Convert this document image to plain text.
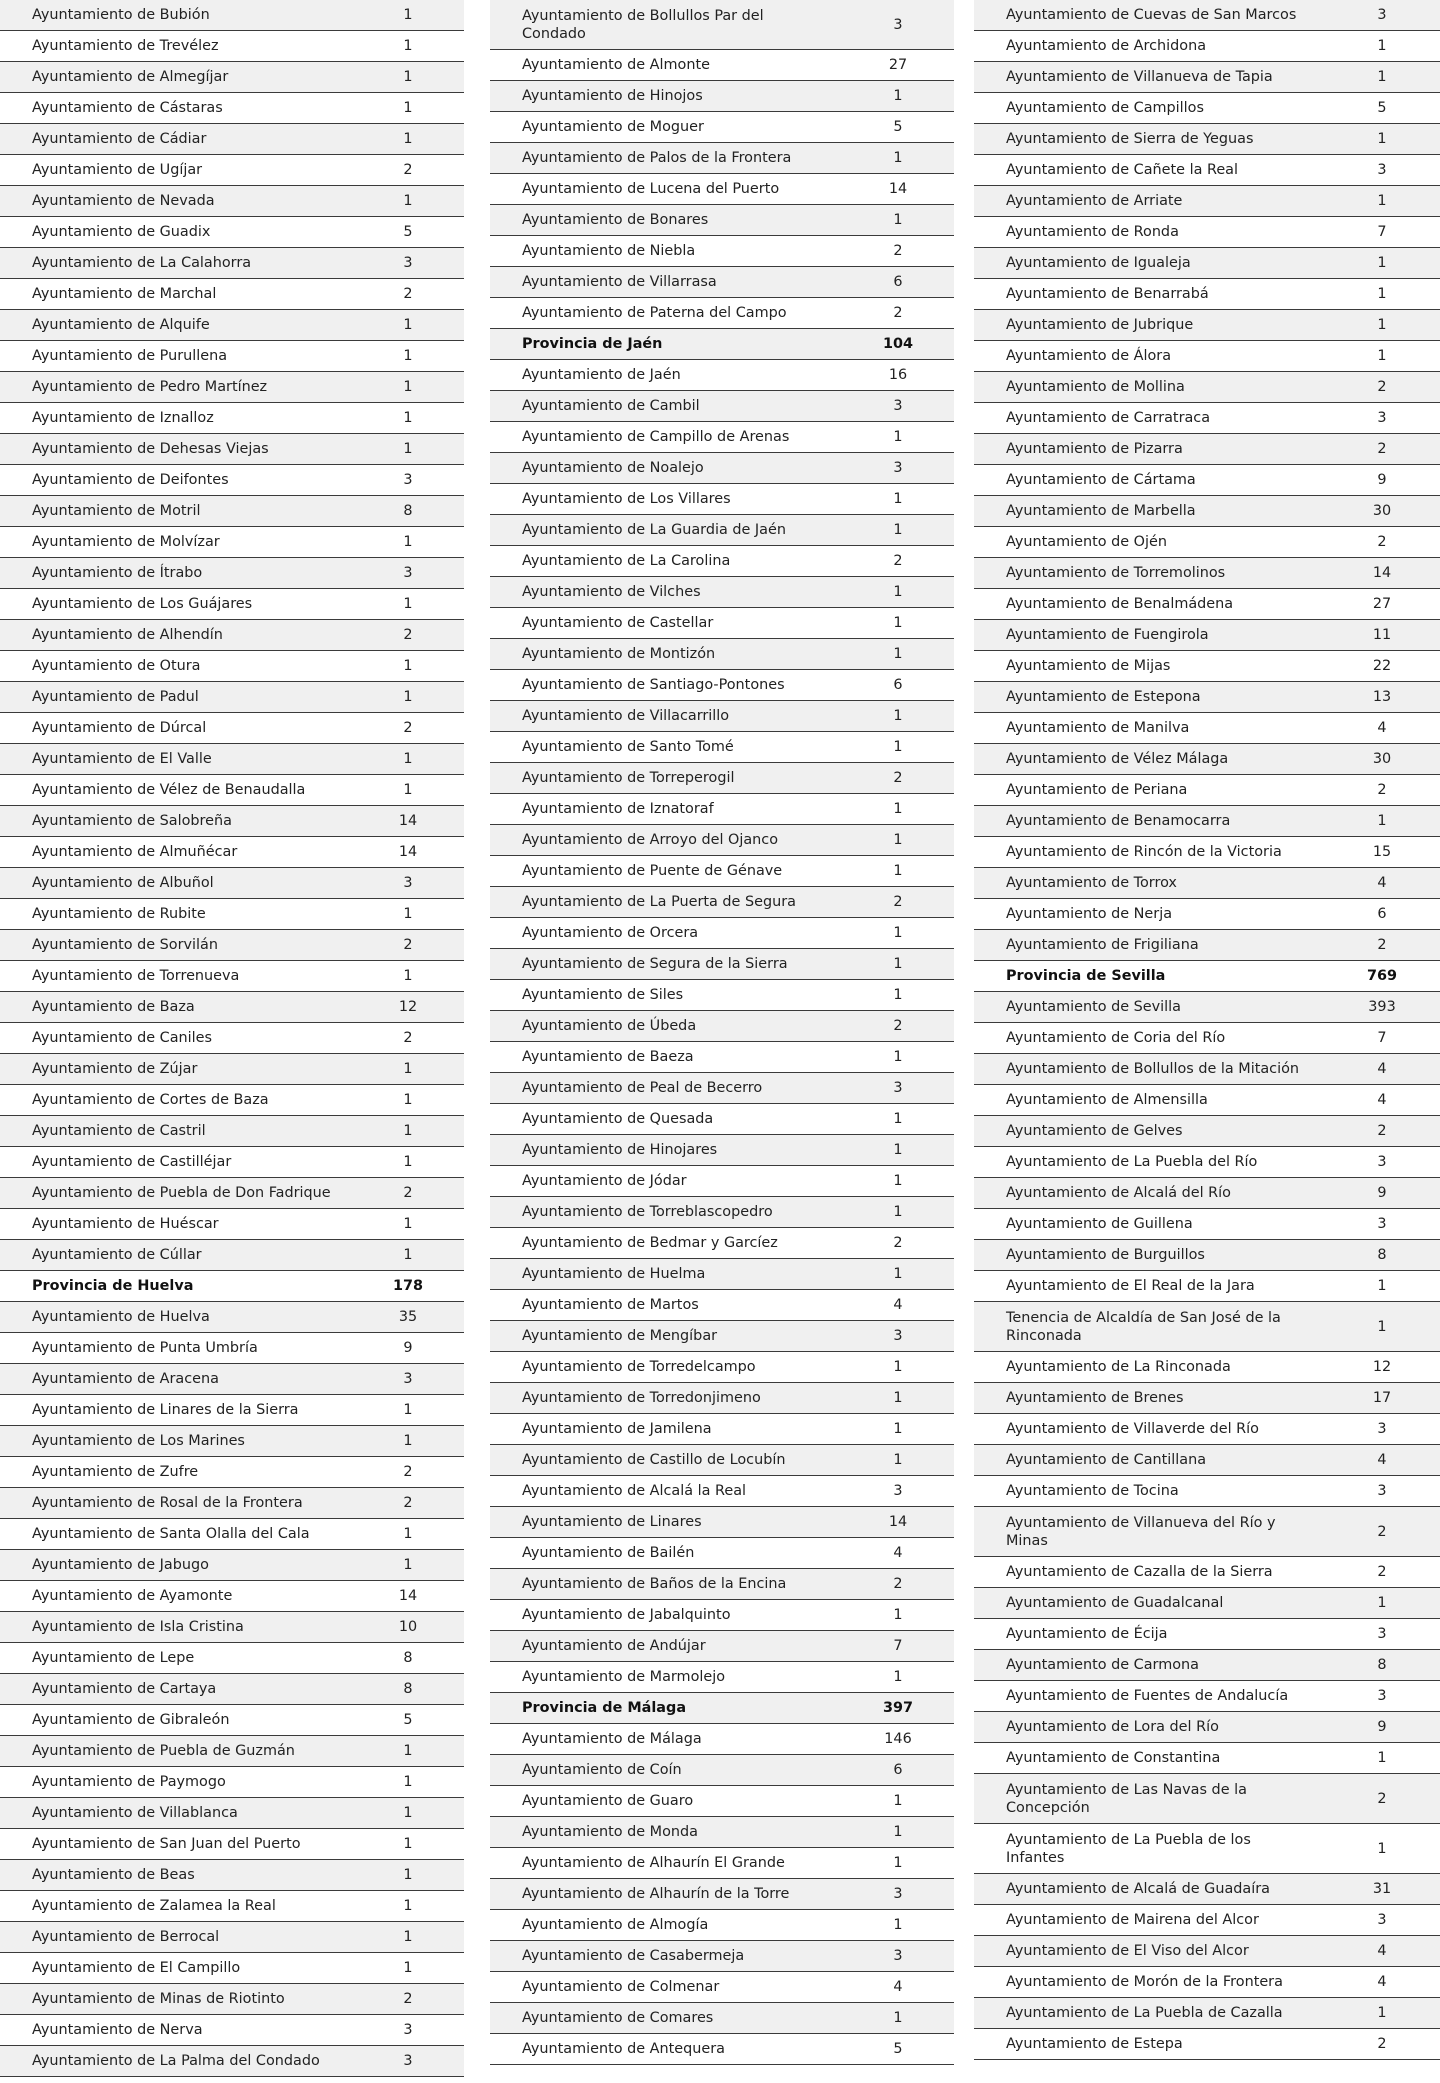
Ayuntamiento de Bubión	1
Ayuntamiento de Trevélez	1
Ayuntamiento de Almegíjar	1
Ayuntamiento de Cástaras	1
Ayuntamiento de Cádiar	1
Ayuntamiento de Ugíjar	2
Ayuntamiento de Nevada	1
Ayuntamiento de Guadix	5
Ayuntamiento de La Calahorra	3
Ayuntamiento de Marchal	2
Ayuntamiento de Alquife	1
Ayuntamiento de Purullena	1
Ayuntamiento de Pedro Martínez	1
Ayuntamiento de Iznalloz	1
Ayuntamiento de Dehesas Viejas	1
Ayuntamiento de Deifontes	3
Ayuntamiento de Motril	8
Ayuntamiento de Molvízar	1
Ayuntamiento de Ítrabo	3
Ayuntamiento de Los Guájares	1
Ayuntamiento de Alhendín	2
Ayuntamiento de Otura	1
Ayuntamiento de Padul	1
Ayuntamiento de Dúrcal	2
Ayuntamiento de El Valle	1
Ayuntamiento de Vélez de Benaudalla	1
Ayuntamiento de Salobreña	14
Ayuntamiento de Almuñécar	14
Ayuntamiento de Albuñol	3
Ayuntamiento de Rubite	1
Ayuntamiento de Sorvilán	2
Ayuntamiento de Torrenueva	1
Ayuntamiento de Baza	12
Ayuntamiento de Caniles	2
Ayuntamiento de Zújar	1
Ayuntamiento de Cortes de Baza	1
Ayuntamiento de Castril	1
Ayuntamiento de Castilléjar	1
Ayuntamiento de Puebla de Don Fadrique	2
Ayuntamiento de Huéscar	1
Ayuntamiento de Cúllar	1
Provincia de Huelva	178
Ayuntamiento de Huelva	35
Ayuntamiento de Punta Umbría	9
Ayuntamiento de Aracena	3
Ayuntamiento de Linares de la Sierra	1
Ayuntamiento de Los Marines	1
Ayuntamiento de Zufre	2
Ayuntamiento de Rosal de la Frontera	2
Ayuntamiento de Santa Olalla del Cala	1
Ayuntamiento de Jabugo	1
Ayuntamiento de Ayamonte	14
Ayuntamiento de Isla Cristina	10
Ayuntamiento de Lepe	8
Ayuntamiento de Cartaya	8
Ayuntamiento de Gibraleón	5
Ayuntamiento de Puebla de Guzmán	1
Ayuntamiento de Paymogo	1
Ayuntamiento de Villablanca	1
Ayuntamiento de San Juan del Puerto	1
Ayuntamiento de Beas	1
Ayuntamiento de Zalamea la Real	1
Ayuntamiento de Berrocal	1
Ayuntamiento de El Campillo	1
Ayuntamiento de Minas de Riotinto	2
Ayuntamiento de Nerva	3
Ayuntamiento de La Palma del Condado	3
Ayuntamiento de Bollullos Par del
Condado
3
Ayuntamiento de Almonte	27
Ayuntamiento de Hinojos	1
Ayuntamiento de Moguer	5
Ayuntamiento de Palos de la Frontera	1
Ayuntamiento de Lucena del Puerto	14
Ayuntamiento de Bonares	1
Ayuntamiento de Niebla	2
Ayuntamiento de Villarrasa	6
Ayuntamiento de Paterna del Campo	2
Provincia de Jaén	104
Ayuntamiento de Jaén	16
Ayuntamiento de Cambil	3
Ayuntamiento de Campillo de Arenas	1
Ayuntamiento de Noalejo	3
Ayuntamiento de Los Villares	1
Ayuntamiento de La Guardia de Jaén	1
Ayuntamiento de La Carolina	2
Ayuntamiento de Vilches	1
Ayuntamiento de Castellar	1
Ayuntamiento de Montizón	1
Ayuntamiento de Santiago-Pontones	6
Ayuntamiento de Villacarrillo	1
Ayuntamiento de Santo Tomé	1
Ayuntamiento de Torreperogil	2
Ayuntamiento de Iznatoraf	1
Ayuntamiento de Arroyo del Ojanco	1
Ayuntamiento de Puente de Génave	1
Ayuntamiento de La Puerta de Segura	2
Ayuntamiento de Orcera	1
Ayuntamiento de Segura de la Sierra	1
Ayuntamiento de Siles	1
Ayuntamiento de Úbeda	2
Ayuntamiento de Baeza	1
Ayuntamiento de Peal de Becerro	3
Ayuntamiento de Quesada	1
Ayuntamiento de Hinojares	1
Ayuntamiento de Jódar	1
Ayuntamiento de Torreblascopedro	1
Ayuntamiento de Bedmar y Garcíez	2
Ayuntamiento de Huelma	1
Ayuntamiento de Martos	4
Ayuntamiento de Mengíbar	3
Ayuntamiento de Torredelcampo	1
Ayuntamiento de Torredonjimeno	1
Ayuntamiento de Jamilena	1
Ayuntamiento de Castillo de Locubín	1
Ayuntamiento de Alcalá la Real	3
Ayuntamiento de Linares	14
Ayuntamiento de Bailén	4
Ayuntamiento de Baños de la Encina	2
Ayuntamiento de Jabalquinto	1
Ayuntamiento de Andújar	7
Ayuntamiento de Marmolejo	1
Provincia de Málaga	397
Ayuntamiento de Málaga	146
Ayuntamiento de Coín	6
Ayuntamiento de Guaro	1
Ayuntamiento de Monda	1
Ayuntamiento de Alhaurín El Grande	1
Ayuntamiento de Alhaurín de la Torre	3
Ayuntamiento de Almogía	1
Ayuntamiento de Casabermeja	3
Ayuntamiento de Colmenar	4
Ayuntamiento de Comares	1
Ayuntamiento de Antequera	5
Ayuntamiento de Cuevas de San Marcos	3
Ayuntamiento de Archidona	1
Ayuntamiento de Villanueva de Tapia	1
Ayuntamiento de Campillos	5
Ayuntamiento de Sierra de Yeguas	1
Ayuntamiento de Cañete la Real	3
Ayuntamiento de Arriate	1
Ayuntamiento de Ronda	7
Ayuntamiento de Igualeja	1
Ayuntamiento de Benarrabá	1
Ayuntamiento de Jubrique	1
Ayuntamiento de Álora	1
Ayuntamiento de Mollina	2
Ayuntamiento de Carratraca	3
Ayuntamiento de Pizarra	2
Ayuntamiento de Cártama	9
Ayuntamiento de Marbella	30
Ayuntamiento de Ojén	2
Ayuntamiento de Torremolinos	14
Ayuntamiento de Benalmádena	27
Ayuntamiento de Fuengirola	11
Ayuntamiento de Mijas	22
Ayuntamiento de Estepona	13
Ayuntamiento de Manilva	4
Ayuntamiento de Vélez Málaga	30
Ayuntamiento de Periana	2
Ayuntamiento de Benamocarra	1
Ayuntamiento de Rincón de la Victoria	15
Ayuntamiento de Torrox	4
Ayuntamiento de Nerja	6
Ayuntamiento de Frigiliana	2
Provincia de Sevilla	769
Ayuntamiento de Sevilla	393
Ayuntamiento de Coria del Río	7
Ayuntamiento de Bollullos de la Mitación	4
Ayuntamiento de Almensilla	4
Ayuntamiento de Gelves	2
Ayuntamiento de La Puebla del Río	3
Ayuntamiento de Alcalá del Río	9
Ayuntamiento de Guillena	3
Ayuntamiento de Burguillos	8
Ayuntamiento de El Real de la Jara	1
Tenencia de Alcaldía de San José de la
Rinconada
1
Ayuntamiento de La Rinconada	12
Ayuntamiento de Brenes	17
Ayuntamiento de Villaverde del Río	3
Ayuntamiento de Cantillana	4
Ayuntamiento de Tocina	3
Ayuntamiento de Villanueva del Río y
Minas
2
Ayuntamiento de Cazalla de la Sierra	2
Ayuntamiento de Guadalcanal	1
Ayuntamiento de Écija	3
Ayuntamiento de Carmona	8
Ayuntamiento de Fuentes de Andalucía	3
Ayuntamiento de Lora del Río	9
Ayuntamiento de Constantina	1
Ayuntamiento de Las Navas de la
Concepción
2
Ayuntamiento de La Puebla de los
Infantes
1
Ayuntamiento de Alcalá de Guadaíra	31
Ayuntamiento de Mairena del Alcor	3
Ayuntamiento de El Viso del Alcor	4
Ayuntamiento de Morón de la Frontera	4
Ayuntamiento de La Puebla de Cazalla	1
Ayuntamiento de Estepa	2
